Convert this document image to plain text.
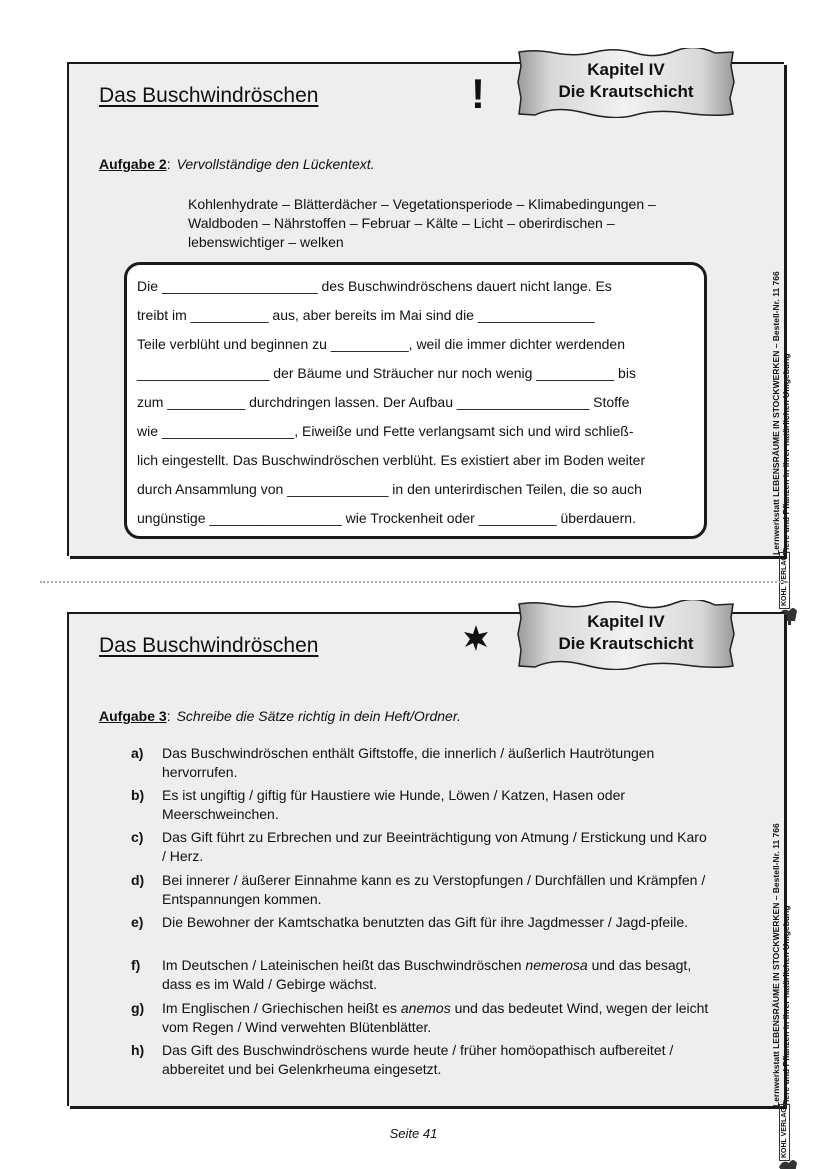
Das Buschwindröschen	!
Aufgabe 2: Vervollständige den Lückentext.
Kohlenhydrate – Blätterdächer – Vegetationsperiode – Klimabedingungen –
Waldboden – Nährstoffen – Februar – Kälte – Licht – oberirdischen –
lebenswichtiger – welken
Die ____________________ des Buschwindröschens dauert nicht lange. Es
treibt im __________ aus, aber bereits im Mai sind die _______________
Teile verblüht und beginnen zu __________, weil die immer dichter werdenden
_________________ der Bäume und Sträucher nur noch wenig __________ bis
zum __________ durchdringen lassen. Der Aufbau _________________ Stoffe
wie _________________, Eiweiße und Fette verlangsamt sich und wird schließ-
lich eingestellt. Das Buschwindröschen verblüht. Es existiert aber im Boden weiter
durch Ansammlung von _____________ in den unterirdischen Teilen, die so auch
ungünstige _________________ wie Trockenheit oder __________ überdauern.
Kapitel IV
Die Krautschicht
Lernwerkstatt LEBENSRÄUME IN STOCKWERKEN – Bestell-Nr. 11 766 Tiere und Pflanzen in ihrer natürlichen Umgebung
KOHL VERLAG
Das Buschwindröschen
Aufgabe 3: Schreibe die Sätze richtig in dein Heft/Ordner.
a) Das Buschwindröschen enthält Giftstoffe, die innerlich / äußerlich Hautrötungen hervorrufen.
b) Es ist ungiftig / giftig für Haustiere wie Hunde, Löwen / Katzen, Hasen oder Meerschweinchen.
c) Das Gift führt zu Erbrechen und zur Beeinträchtigung von Atmung / Erstickung und Karo / Herz.
d) Bei innerer / äußerer Einnahme kann es zu Verstopfungen / Durchfällen und Krämpfen / Entspannungen kommen.
e) Die Bewohner der Kamtschatka benutzten das Gift für ihre Jagdmesser / Jagd-pfeile.
f) Im Deutschen / Lateinischen heißt das Buschwindröschen nemerosa und das besagt, dass es im Wald / Gebirge wächst.
g) Im Englischen / Griechischen heißt es anemos und das bedeutet Wind, wegen der leicht vom Regen / Wind verwehten Blütenblätter.
h) Das Gift des Buschwindröschens wurde heute / früher homöopathisch aufbereitet / abbereitet und bei Gelenkrheuma eingesetzt.
Kapitel IV
Die Krautschicht
Lernwerkstatt LEBENSRÄUME IN STOCKWERKEN – Bestell-Nr. 11 766 Tiere und Pflanzen in ihrer natürlichen Umgebung
KOHL VERLAG
Seite 41
